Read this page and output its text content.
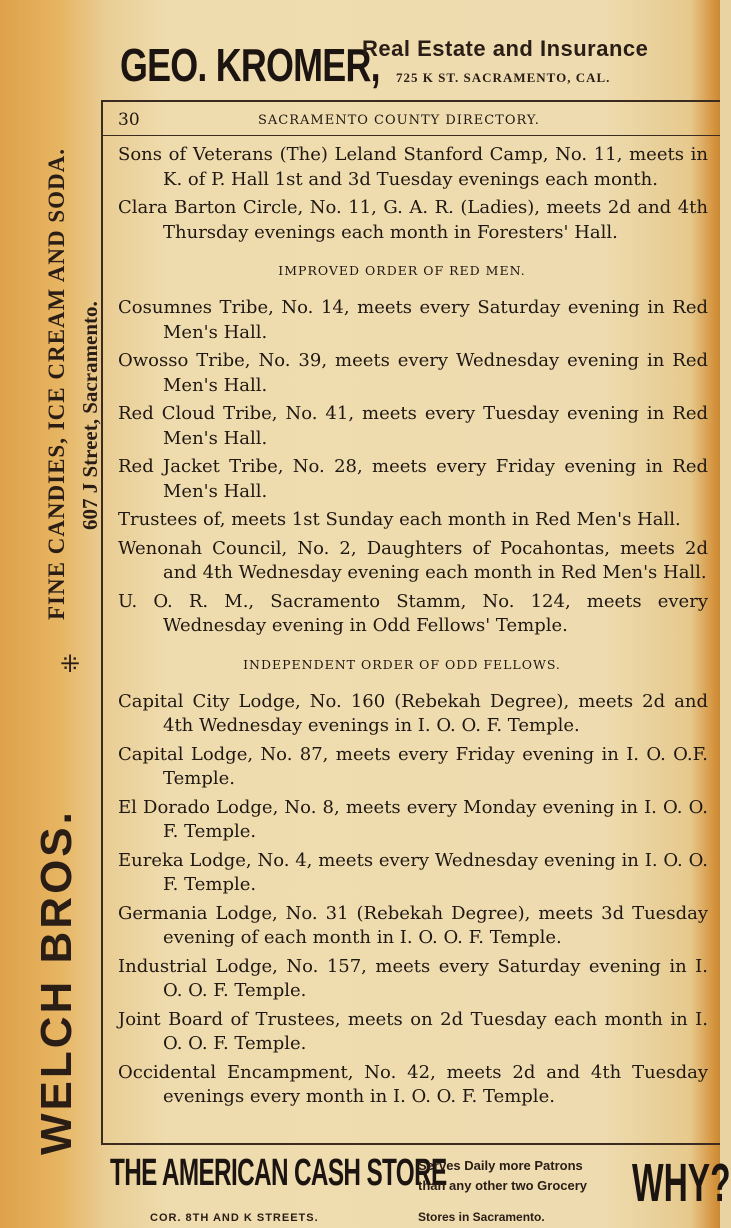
GEO. KROMER,
Real Estate and Insurance
725 K ST. SACRAMENTO, CAL.
WELCH BROS.
⁜
FINE CANDIES, ICE CREAM AND SODA. 607 J Street, Sacramento.
30	SACRAMENTO COUNTY DIRECTORY.

Sons of Veterans (The) Leland Stanford Camp, No. 11, meets in K. of P. Hall 1st and 3d Tuesday evenings each month.

Clara Barton Circle, No. 11, G. A. R. (Ladies), meets 2d and 4th Thursday evenings each month in Foresters' Hall.

IMPROVED ORDER OF RED MEN.

Cosumnes Tribe, No. 14, meets every Saturday evening in Red Men's Hall.

Owosso Tribe, No. 39, meets every Wednesday evening in Red Men's Hall.

Red Cloud Tribe, No. 41, meets every Tuesday evening in Red Men's Hall.

Red Jacket Tribe, No. 28, meets every Friday evening in Red Men's Hall.

Trustees of, meets 1st Sunday each month in Red Men's Hall.

Wenonah Council, No. 2, Daughters of Pocahontas, meets 2d and 4th Wednesday evening each month in Red Men's Hall.

U. O. R. M., Sacramento Stamm, No. 124, meets every Wednesday evening in Odd Fellows' Temple.

INDEPENDENT ORDER OF ODD FELLOWS.

Capital City Lodge, No. 160 (Rebekah Degree), meets 2d and 4th Wednesday evenings in I. O. O. F. Temple.

Capital Lodge, No. 87, meets every Friday evening in I. O. O.F. Temple.

El Dorado Lodge, No. 8, meets every Monday evening in I. O. O. F. Temple.

Eureka Lodge, No. 4, meets every Wednesday evening in I. O. O. F. Temple.

Germania Lodge, No. 31 (Rebekah Degree), meets 3d Tuesday evening of each month in I. O. O. F. Temple.

Industrial Lodge, No. 157, meets every Saturday evening in I. O. O. F. Temple.

Joint Board of Trustees, meets on 2d Tuesday each month in I. O. O. F. Temple.

Occidental Encampment, No. 42, meets 2d and 4th Tuesday evenings every month in I. O. O. F. Temple.

THE AMERICAN CASH STORE
COR. 8TH AND K STREETS.
Serves Daily more Patrons
than any other two Grocery
Stores in Sacramento.
WHY?
